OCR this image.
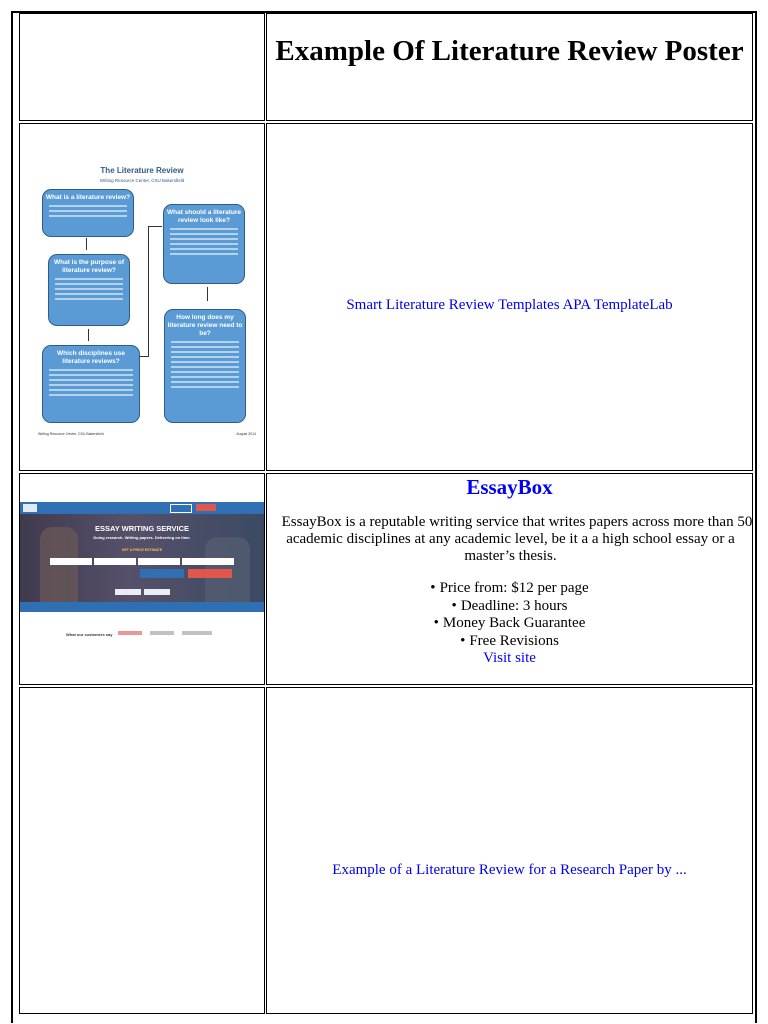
Example Of Literature Review Poster
The Literature Review
Writing Resource Center, CSU Bakersfield
What is a literature review?
What is the purpose of literature review?
Which disciplines use literature reviews?
What should a literature review look like?
How long does my literature review need to be?
Writing Resource Center, CSU Bakersfield	August 2014
Smart Literature Review Templates APA TemplateLab
ESSAY WRITING SERVICE
Doing research. Writing papers. Delivering on time.
GET A PRICE ESTIMATE
What our customers say
EssayBox
EssayBox is a reputable writing service that writes papers across more than 50
academic disciplines at any academic level, be it a a high school essay or a
master’s thesis.
• Price from: $12 per page
• Deadline: 3 hours
• Money Back Guarantee
• Free Revisions
Visit site
Example of a Literature Review for a Research Paper by ...
